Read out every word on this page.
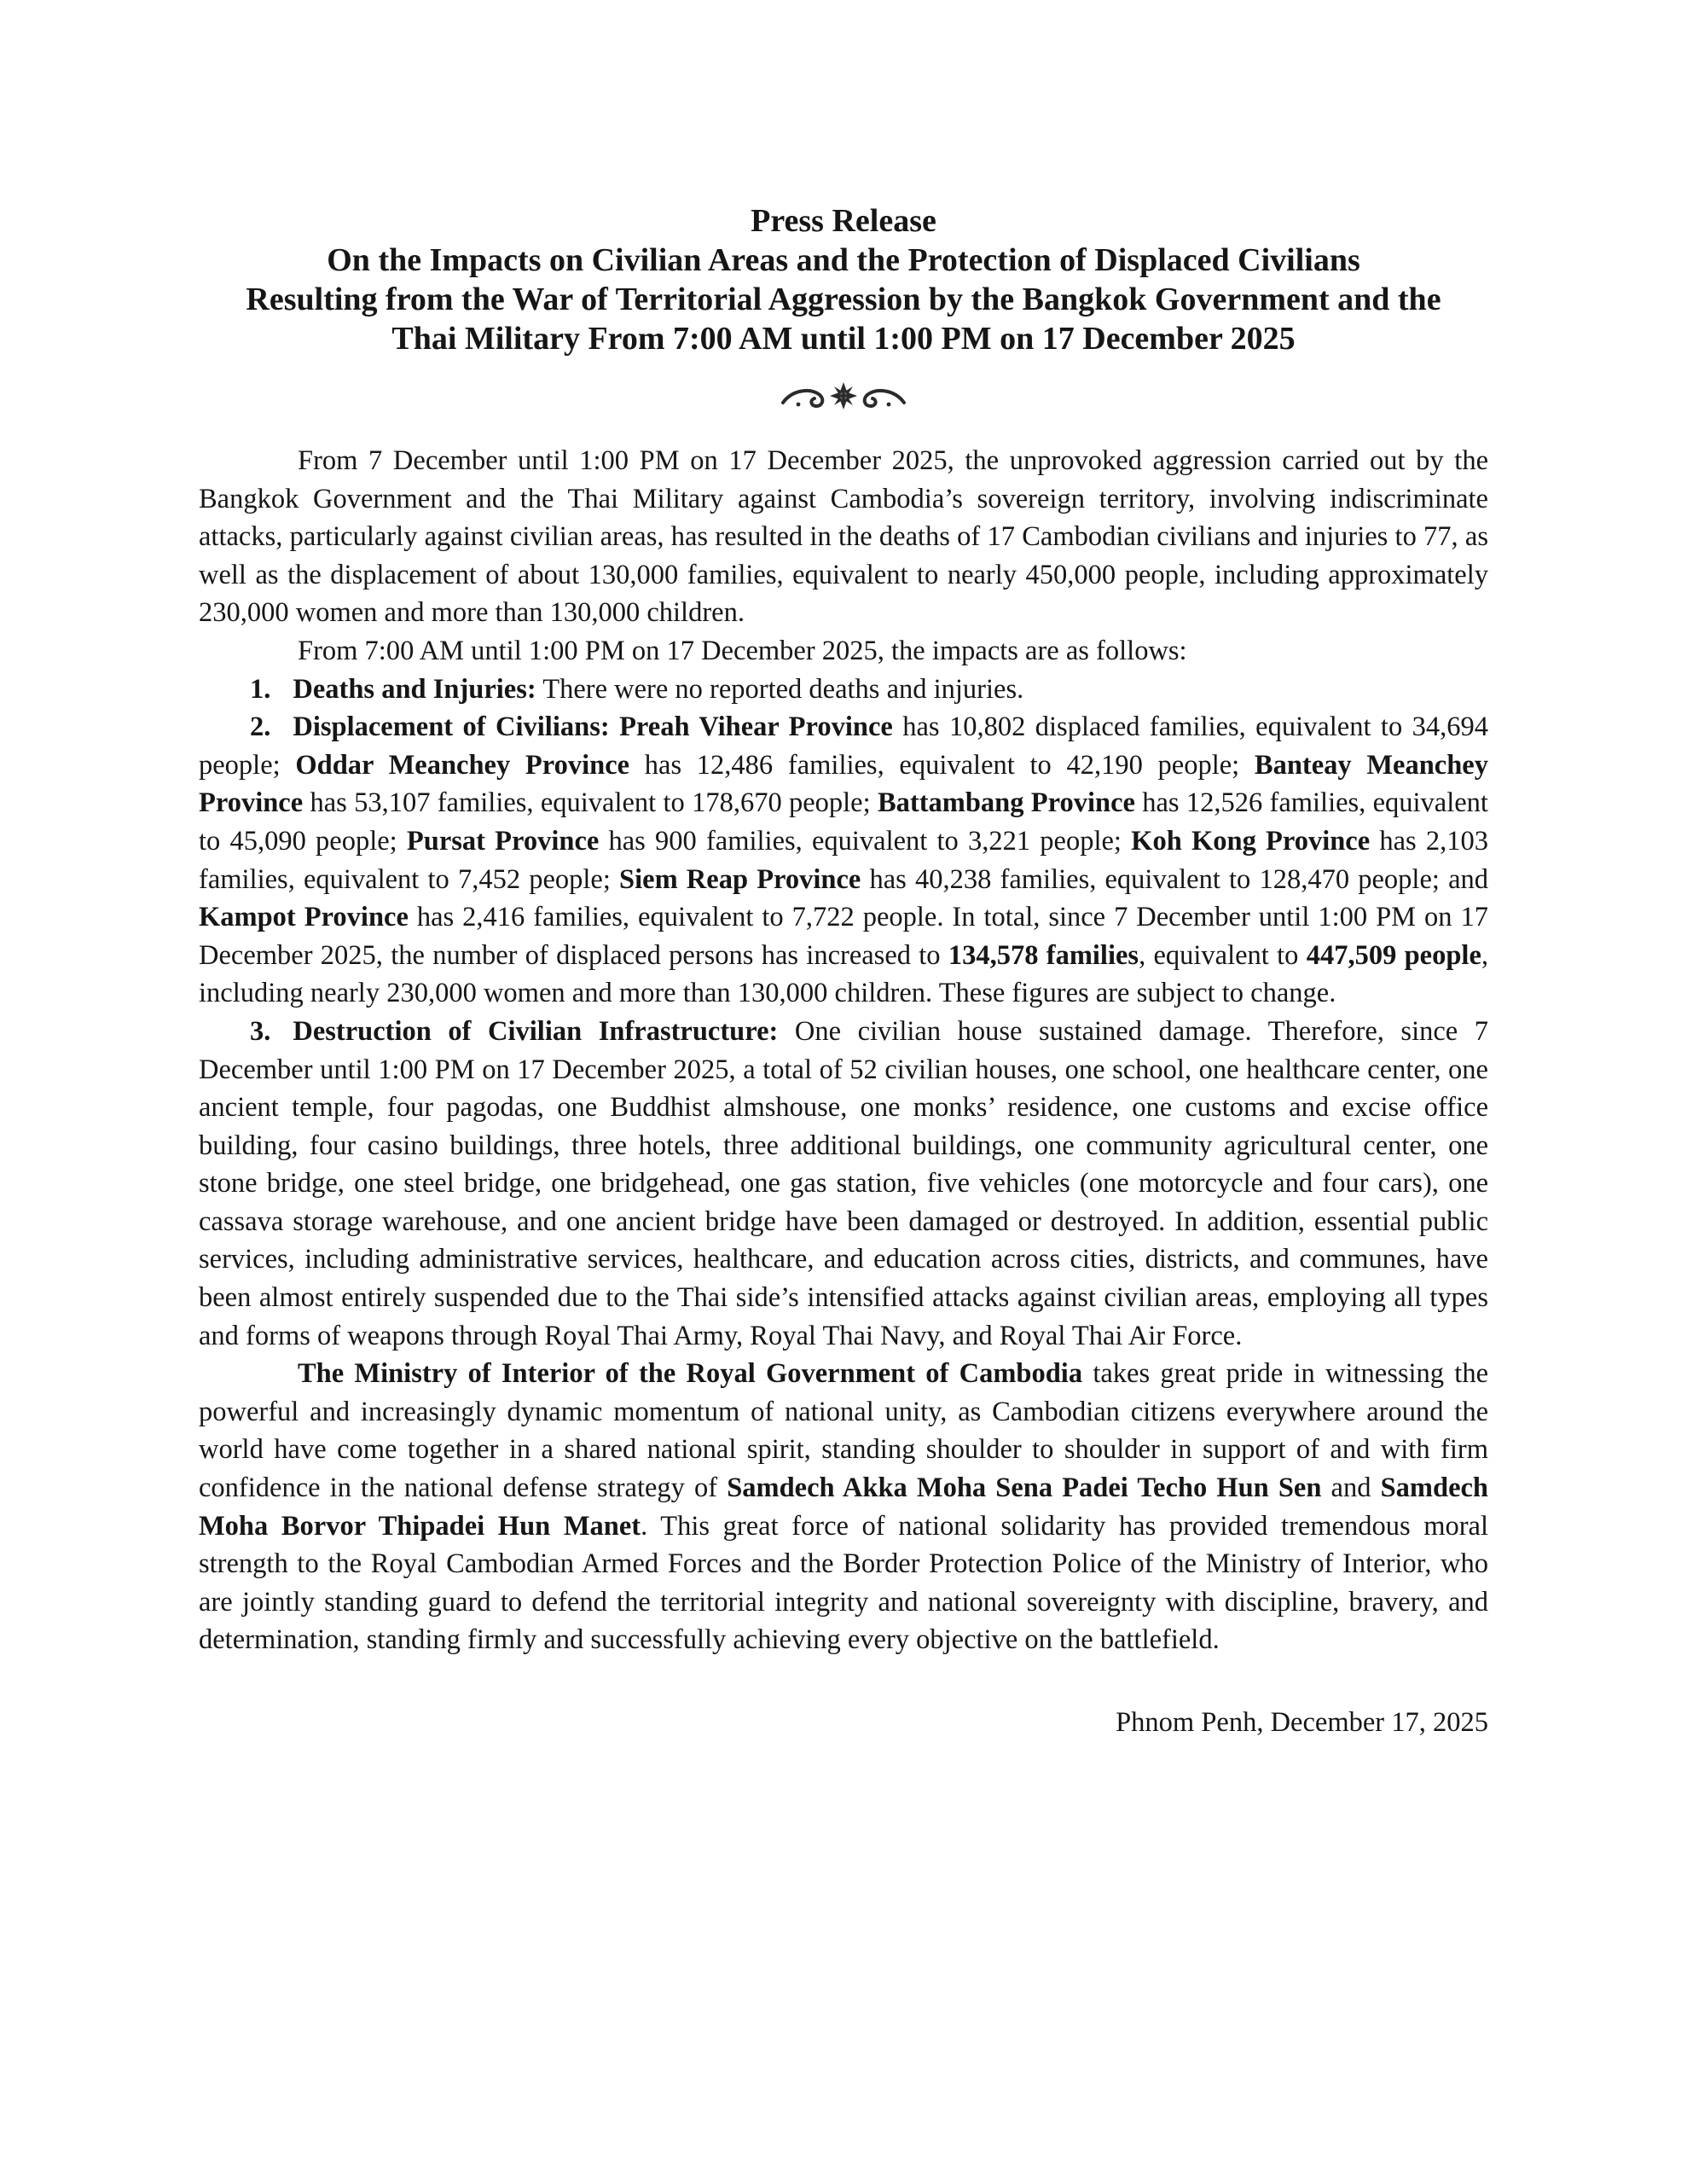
Press Release
On the Impacts on Civilian Areas and the Protection of Displaced Civilians
Resulting from the War of Territorial Aggression by the Bangkok Government and the
Thai Military From 7:00 AM until 1:00 PM on 17 December 2025

From 7 December until 1:00 PM on 17 December 2025, the unprovoked aggression carried out by the Bangkok Government and the Thai Military against Cambodia’s sovereign territory, involving indiscriminate attacks, particularly against civilian areas, has resulted in the deaths of 17 Cambodian civilians and injuries to 77, as well as the displacement of about 130,000 families, equivalent to nearly 450,000 people, including approximately 230,000 women and more than 130,000 children.

From 7:00 AM until 1:00 PM on 17 December 2025, the impacts are as follows:

1. Deaths and Injuries: There were no reported deaths and injuries.

2. Displacement of Civilians: Preah Vihear Province has 10,802 displaced families, equivalent to 34,694 people; Oddar Meanchey Province has 12,486 families, equivalent to 42,190 people; Banteay Meanchey Province has 53,107 families, equivalent to 178,670 people; Battambang Province has 12,526 families, equivalent to 45,090 people; Pursat Province has 900 families, equivalent to 3,221 people; Koh Kong Province has 2,103 families, equivalent to 7,452 people; Siem Reap Province has 40,238 families, equivalent to 128,470 people; and Kampot Province has 2,416 families, equivalent to 7,722 people. In total, since 7 December until 1:00 PM on 17 December 2025, the number of displaced persons has increased to 134,578 families, equivalent to 447,509 people, including nearly 230,000 women and more than 130,000 children. These figures are subject to change.

3. Destruction of Civilian Infrastructure: One civilian house sustained damage. Therefore, since 7 December until 1:00 PM on 17 December 2025, a total of 52 civilian houses, one school, one healthcare center, one ancient temple, four pagodas, one Buddhist almshouse, one monks’ residence, one customs and excise office building, four casino buildings, three hotels, three additional buildings, one community agricultural center, one stone bridge, one steel bridge, one bridgehead, one gas station, five vehicles (one motorcycle and four cars), one cassava storage warehouse, and one ancient bridge have been damaged or destroyed. In addition, essential public services, including administrative services, healthcare, and education across cities, districts, and communes, have been almost entirely suspended due to the Thai side’s intensified attacks against civilian areas, employing all types and forms of weapons through Royal Thai Army, Royal Thai Navy, and Royal Thai Air Force.

The Ministry of Interior of the Royal Government of Cambodia takes great pride in witnessing the powerful and increasingly dynamic momentum of national unity, as Cambodian citizens everywhere around the world have come together in a shared national spirit, standing shoulder to shoulder in support of and with firm confidence in the national defense strategy of Samdech Akka Moha Sena Padei Techo Hun Sen and Samdech Moha Borvor Thipadei Hun Manet. This great force of national solidarity has provided tremendous moral strength to the Royal Cambodian Armed Forces and the Border Protection Police of the Ministry of Interior, who are jointly standing guard to defend the territorial integrity and national sovereignty with discipline, bravery, and determination, standing firmly and successfully achieving every objective on the battlefield.

Phnom Penh, December 17, 2025
